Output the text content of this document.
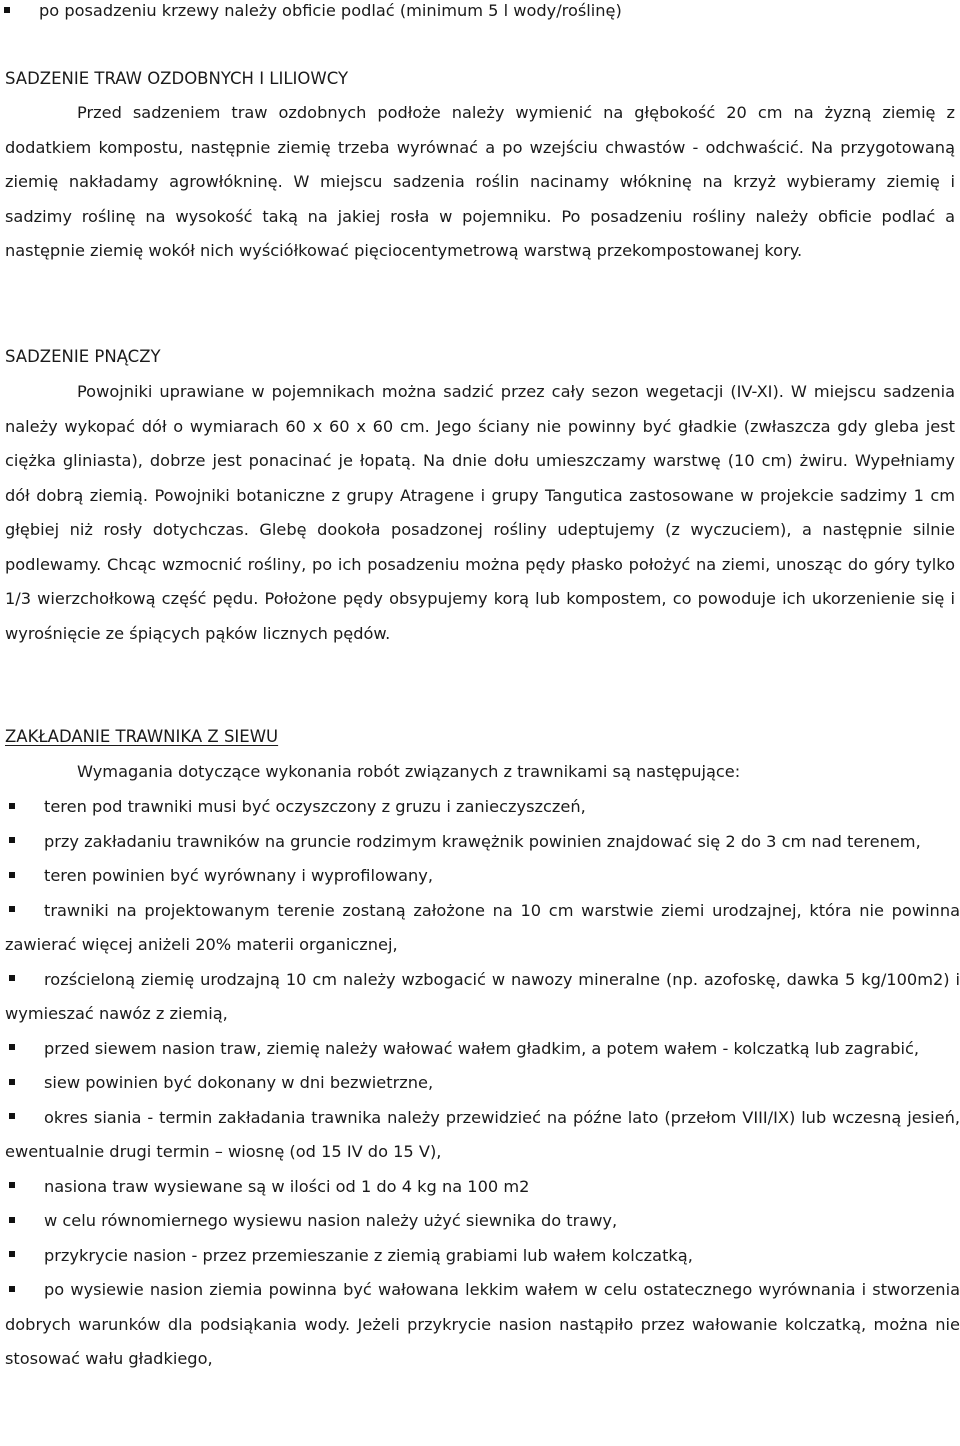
po posadzeniu krzewy należy obficie podlać (minimum 5 l wody/roślinę)

SADZENIE TRAW OZDOBNYCH I LILIOWCY

Przed sadzeniem traw ozdobnych podłoże należy wymienić na głębokość 20 cm na żyzną ziemię z dodatkiem kompostu, następnie ziemię trzeba wyrównać a po wzejściu chwastów - odchwaścić. Na przygotowaną ziemię nakładamy agrowłókninę. W miejscu sadzenia roślin nacinamy włókninę na krzyż wybieramy ziemię i sadzimy roślinę na wysokość taką na jakiej rosła w pojemniku. Po posadzeniu rośliny należy obficie podlać a następnie ziemię wokół nich wyściółkować pięciocentymetrową warstwą przekompostowanej kory.

SADZENIE PNĄCZY

Powojniki uprawiane w pojemnikach można sadzić przez cały sezon wegetacji (IV-XI). W miejscu sadzenia należy wykopać dół o wymiarach 60 x 60 x 60 cm. Jego ściany nie powinny być gładkie (zwłaszcza gdy gleba jest ciężka gliniasta), dobrze jest ponacinać je łopatą. Na dnie dołu umieszczamy warstwę (10 cm) żwiru. Wypełniamy dół dobrą ziemią. Powojniki botaniczne z grupy Atragene i grupy Tangutica zastosowane w projekcie sadzimy 1 cm głębiej niż rosły dotychczas. Glebę dookoła posadzonej rośliny udeptujemy (z wyczuciem), a następnie silnie podlewamy. Chcąc wzmocnić rośliny, po ich posadzeniu można pędy płasko położyć na ziemi, unosząc do góry tylko 1/3 wierzchołkową część pędu. Położone pędy obsypujemy korą lub kompostem, co powoduje ich ukorzenienie się i wyrośnięcie ze śpiących pąków licznych pędów.

ZAKŁADANIE TRAWNIKA Z SIEWU

Wymagania dotyczące wykonania robót związanych z trawnikami są następujące:

teren pod trawniki musi być oczyszczony z gruzu i zanieczyszczeń,

przy zakładaniu trawników na gruncie rodzimym krawężnik powinien znajdować się 2 do 3 cm nad terenem,

teren powinien być wyrównany i wyprofilowany,

trawniki na projektowanym terenie zostaną założone na 10 cm warstwie ziemi urodzajnej, która nie powinna zawierać więcej aniżeli 20% materii organicznej,

rozścieloną ziemię urodzajną 10 cm należy wzbogacić w nawozy mineralne (np. azofoskę, dawka 5 kg/100m2) i wymieszać nawóz z ziemią,

przed siewem nasion traw, ziemię należy wałować wałem gładkim, a potem wałem - kolczatką lub zagrabić,

siew powinien być dokonany w dni bezwietrzne,

okres siania - termin zakładania trawnika należy przewidzieć na późne lato (przełom VIII/IX) lub wczesną jesień, ewentualnie drugi termin – wiosnę (od 15 IV do 15 V),

nasiona traw wysiewane są w ilości od 1 do 4 kg na 100 m2

w celu równomiernego wysiewu nasion należy użyć siewnika do trawy,

przykrycie nasion - przez przemieszanie z ziemią grabiami lub wałem kolczatką,

po wysiewie nasion ziemia powinna być wałowana lekkim wałem w celu ostatecznego wyrównania i stworzenia dobrych warunków dla podsiąkania wody. Jeżeli przykrycie nasion nastąpiło przez wałowanie kolczatką, można nie stosować wału gładkiego,
